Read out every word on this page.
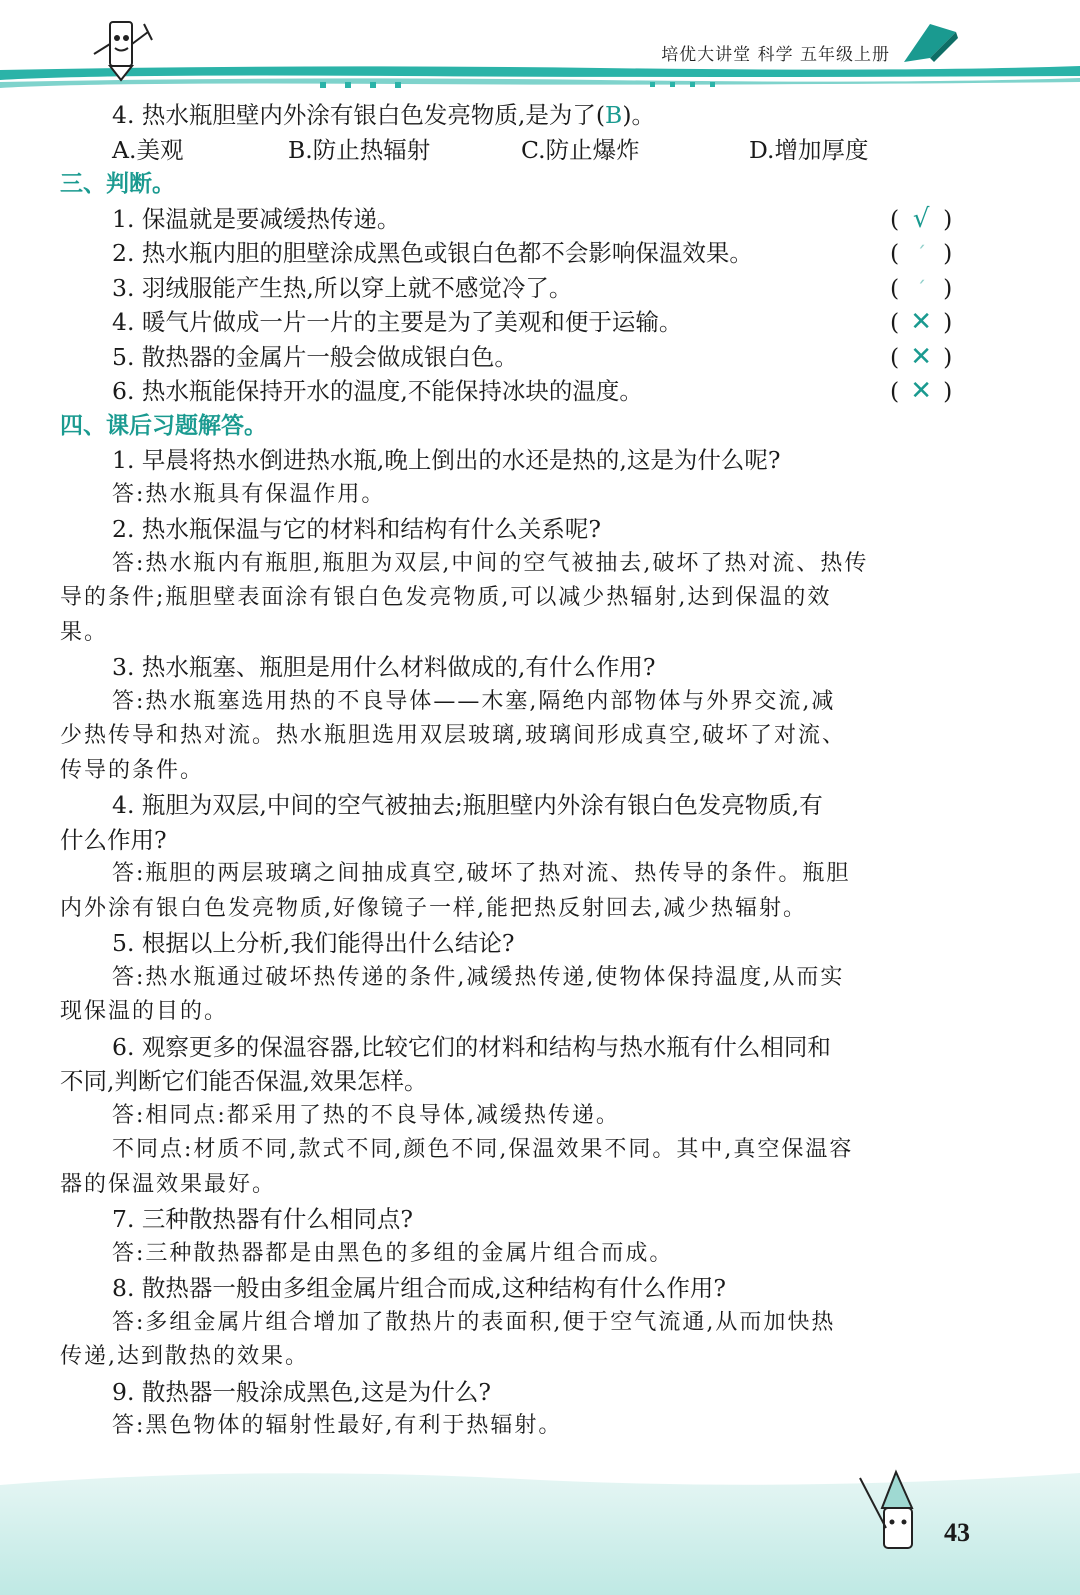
培优大讲堂 科学 五年级上册
4. 热水瓶胆壁内外涂有银白色发亮物质,是为了(B)。
A.美观	B.防止热辐射	C.防止爆炸	D.增加厚度
三、判断。
1. 保温就是要减缓热传递。	( √ )
2. 热水瓶内胆的胆壁涂成黑色或银白色都不会影响保温效果。	( ˊ )
3. 羽绒服能产生热,所以穿上就不感觉冷了。	( ˊ )
4. 暖气片做成一片一片的主要是为了美观和便于运输。	( ✕ )
5. 散热器的金属片一般会做成银白色。	( ✕ )
6. 热水瓶能保持开水的温度,不能保持冰块的温度。	( ✕ )
四、课后习题解答。
1. 早晨将热水倒进热水瓶,晚上倒出的水还是热的,这是为什么呢?
答:热水瓶具有保温作用。
2. 热水瓶保温与它的材料和结构有什么关系呢?
答:热水瓶内有瓶胆,瓶胆为双层,中间的空气被抽去,破坏了热对流、热传
导的条件;瓶胆壁表面涂有银白色发亮物质,可以减少热辐射,达到保温的效
果。
3. 热水瓶塞、瓶胆是用什么材料做成的,有什么作用?
答:热水瓶塞选用热的不良导体——木塞,隔绝内部物体与外界交流,减
少热传导和热对流。热水瓶胆选用双层玻璃,玻璃间形成真空,破坏了对流、
传导的条件。
4. 瓶胆为双层,中间的空气被抽去;瓶胆壁内外涂有银白色发亮物质,有
什么作用?
答:瓶胆的两层玻璃之间抽成真空,破坏了热对流、热传导的条件。瓶胆
内外涂有银白色发亮物质,好像镜子一样,能把热反射回去,减少热辐射。
5. 根据以上分析,我们能得出什么结论?
答:热水瓶通过破坏热传递的条件,减缓热传递,使物体保持温度,从而实
现保温的目的。
6. 观察更多的保温容器,比较它们的材料和结构与热水瓶有什么相同和
不同,判断它们能否保温,效果怎样。
答:相同点:都采用了热的不良导体,减缓热传递。
不同点:材质不同,款式不同,颜色不同,保温效果不同。其中,真空保温容
器的保温效果最好。
7. 三种散热器有什么相同点?
答:三种散热器都是由黑色的多组的金属片组合而成。
8. 散热器一般由多组金属片组合而成,这种结构有什么作用?
答:多组金属片组合增加了散热片的表面积,便于空气流通,从而加快热
传递,达到散热的效果。
9. 散热器一般涂成黑色,这是为什么?
答:黑色物体的辐射性最好,有利于热辐射。
43
